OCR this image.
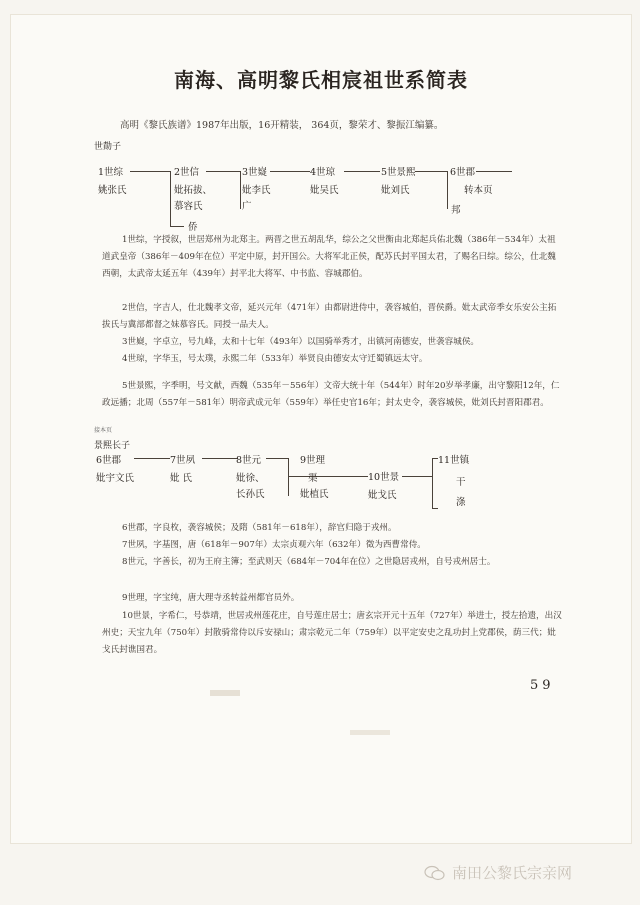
南海、高明黎氏相宸祖世系简表
高明《黎氏族谱》1987年出版，16开精装， 364页，黎荣才、黎振江编纂。
世勣子
1世综
姚张氏
2世信
妣拓拔、
慕容氏
侨
3世嶷
妣李氏
广
4世琼
妣吴氏
5世景熙
妣刘氏
邦
6世郡
转本页

1世综，字授叙，世居郑州为北郑主。两晋之世五胡乱华，综公之父世衡由北郑起兵佑北魏（386年－534年）太祖道武皇帝（386年－409年在位）平定中原，封开国公。大将军北正侯，配苏氏封平国太君，了赐名曰综。综公，仕北魏西朝，太武帝太延五年（439年）封平北大将军、中书监、容城郡伯。

2世信，字吉人，仕北魏孝文帝，延兴元年（471年）由都尉进侍中，袭容城伯，晋侯爵。妣太武帝季女乐安公主拓拔氏与冀部都督之妹慕容氏。同授一品夫人。

3世嶷，字卓立，号九峰，太和十七年（493年）以国骑举秀才，出镇河南德安，世袭容城侯。

4世琼，字华玉，号太璞，永熙二年（533年）举贤良由德安太守迁蜀镇远太守。

5世景熙，字季明，号文献，西魏（535年－556年）文帝大统十年（544年）时年20岁举孝廉，出守黎阳12年，仁政远播；北周（557年－581年）明帝武成元年（559年）举任史官16年；封太史令，袭容城侯，妣刘氏封晋阳郡君。

接本页
景熙长子
6世郡
妣宇文氏
7世夙
妣 氏
8世元
妣徐、
长孙氏
9世理
渠
妣植氏
10世景
妣戈氏
11世镇
干
涤

6世郡，字良枚，袭容城侯；及隋（581年－618年），辞官归隐于戎州。

7世夙，字基图，唐（618年－907年）太宗贞观六年（632年）徵为西曹常侍。

8世元，字善长，初为王府主簿；至武则天（684年－704年在位）之世隐居戎州，自号戎州居士。

9世理，字宝纯，唐大理寺丞转益州都官员外。

10世景，字希仁，号恭靖，世居戎州莲花庄，自号莲庄居士；唐玄宗开元十五年（727年）举进士，授左拾遗，出汉州史；天宝九年（750年）封散骑常侍以斥安禄山；肃宗乾元二年（759年）以平定安史之乱功封上党郡侯，荫三代；妣戈氏封谯国君。

59
南田公黎氏宗亲网
